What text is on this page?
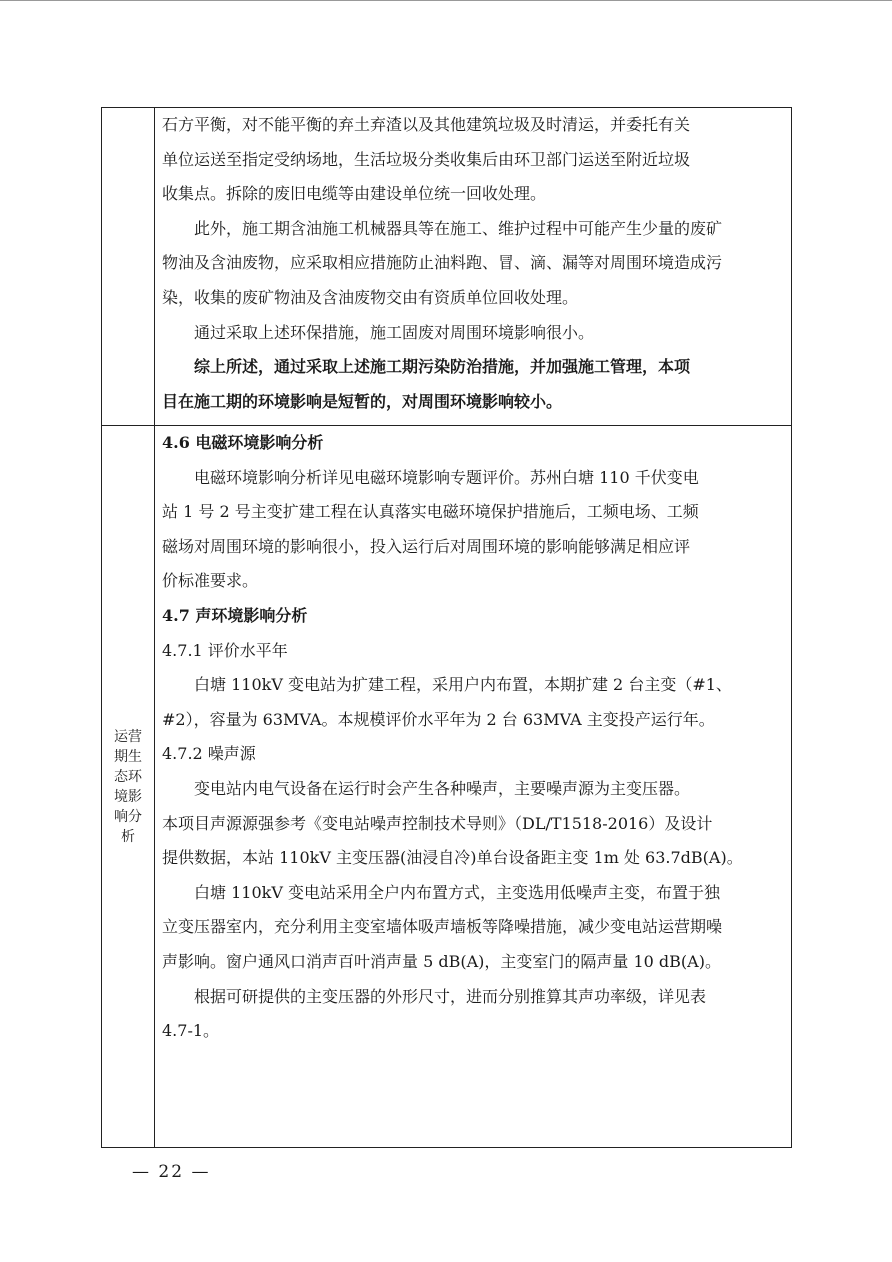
运营期生态环境影响分析

石方平衡，对不能平衡的弃土弃渣以及其他建筑垃圾及时清运，并委托有关

单位运送至指定受纳场地，生活垃圾分类收集后由环卫部门运送至附近垃圾

收集点。拆除的废旧电缆等由建设单位统一回收处理。

此外，施工期含油施工机械器具等在施工、维护过程中可能产生少量的废矿

物油及含油废物，应采取相应措施防止油料跑、冒、滴、漏等对周围环境造成污

染，收集的废矿物油及含油废物交由有资质单位回收处理。

通过采取上述环保措施，施工固废对周围环境影响很小。

综上所述，通过采取上述施工期污染防治措施，并加强施工管理，本项

目在施工期的环境影响是短暂的，对周围环境影响较小。

4.6 电磁环境影响分析

电磁环境影响分析详见电磁环境影响专题评价。苏州白塘 110 千伏变电

站 1 号 2 号主变扩建工程在认真落实电磁环境保护措施后，工频电场、工频

磁场对周围环境的影响很小，投入运行后对周围环境的影响能够满足相应评

价标准要求。

4.7 声环境影响分析

4.7.1 评价水平年

白塘 110kV 变电站为扩建工程，采用户内布置，本期扩建 2 台主变（#1、

#2），容量为 63MVA。本规模评价水平年为 2 台 63MVA 主变投产运行年。

4.7.2 噪声源

变电站内电气设备在运行时会产生各种噪声，主要噪声源为主变压器。

本项目声源源强参考《变电站噪声控制技术导则》（DL/T1518-2016）及设计

提供数据，本站 110kV 主变压器(油浸自冷)单台设备距主变 1m 处 63.7dB(A)。

白塘 110kV 变电站采用全户内布置方式，主变选用低噪声主变，布置于独

立变压器室内，充分利用主变室墙体吸声墙板等降噪措施，减少变电站运营期噪

声影响。窗户通风口消声百叶消声量 5 dB(A)，主变室门的隔声量 10 dB(A)。

根据可研提供的主变压器的外形尺寸，进而分别推算其声功率级，详见表

4.7-1。

— 22 —
